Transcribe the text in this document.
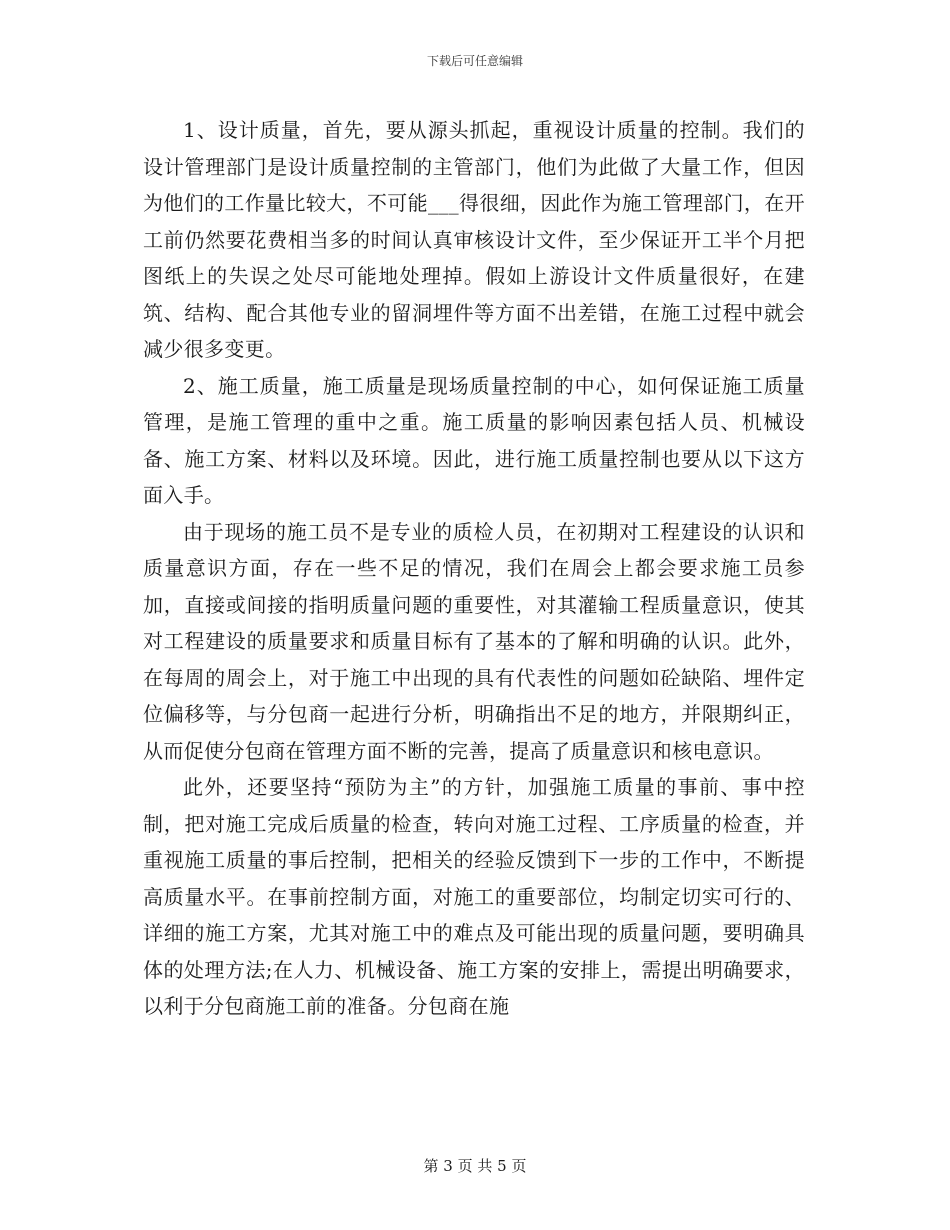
下载后可任意编辑

1、设计质量，首先，要从源头抓起，重视设计质量的控制。我们的设计管理部门是设计质量控制的主管部门，他们为此做了大量工作，但因为他们的工作量比较大，不可能___得很细，因此作为施工管理部门，在开工前仍然要花费相当多的时间认真审核设计文件，至少保证开工半个月把图纸上的失误之处尽可能地处理掉。假如上游设计文件质量很好，在建筑、结构、配合其他专业的留洞埋件等方面不出差错，在施工过程中就会减少很多变更。

2、施工质量，施工质量是现场质量控制的中心，如何保证施工质量管理，是施工管理的重中之重。施工质量的影响因素包括人员、机械设备、施工方案、材料以及环境。因此，进行施工质量控制也要从以下这方面入手。

由于现场的施工员不是专业的质检人员，在初期对工程建设的认识和质量意识方面，存在一些不足的情况，我们在周会上都会要求施工员参加，直接或间接的指明质量问题的重要性，对其灌输工程质量意识，使其对工程建设的质量要求和质量目标有了基本的了解和明确的认识。此外，在每周的周会上，对于施工中出现的具有代表性的问题如砼缺陷、埋件定位偏移等，与分包商一起进行分析，明确指出不足的地方，并限期纠正，从而促使分包商在管理方面不断的完善，提高了质量意识和核电意识。

此外，还要坚持“预防为主”的方针，加强施工质量的事前、事中控制，把对施工完成后质量的检查，转向对施工过程、工序质量的检查，并重视施工质量的事后控制，把相关的经验反馈到下一步的工作中，不断提高质量水平。在事前控制方面，对施工的重要部位，均制定切实可行的、详细的施工方案，尤其对施工中的难点及可能出现的质量问题，要明确具体的处理方法;在人力、机械设备、施工方案的安排上，需提出明确要求，以利于分包商施工前的准备。分包商在施

第 3 页 共 5 页
